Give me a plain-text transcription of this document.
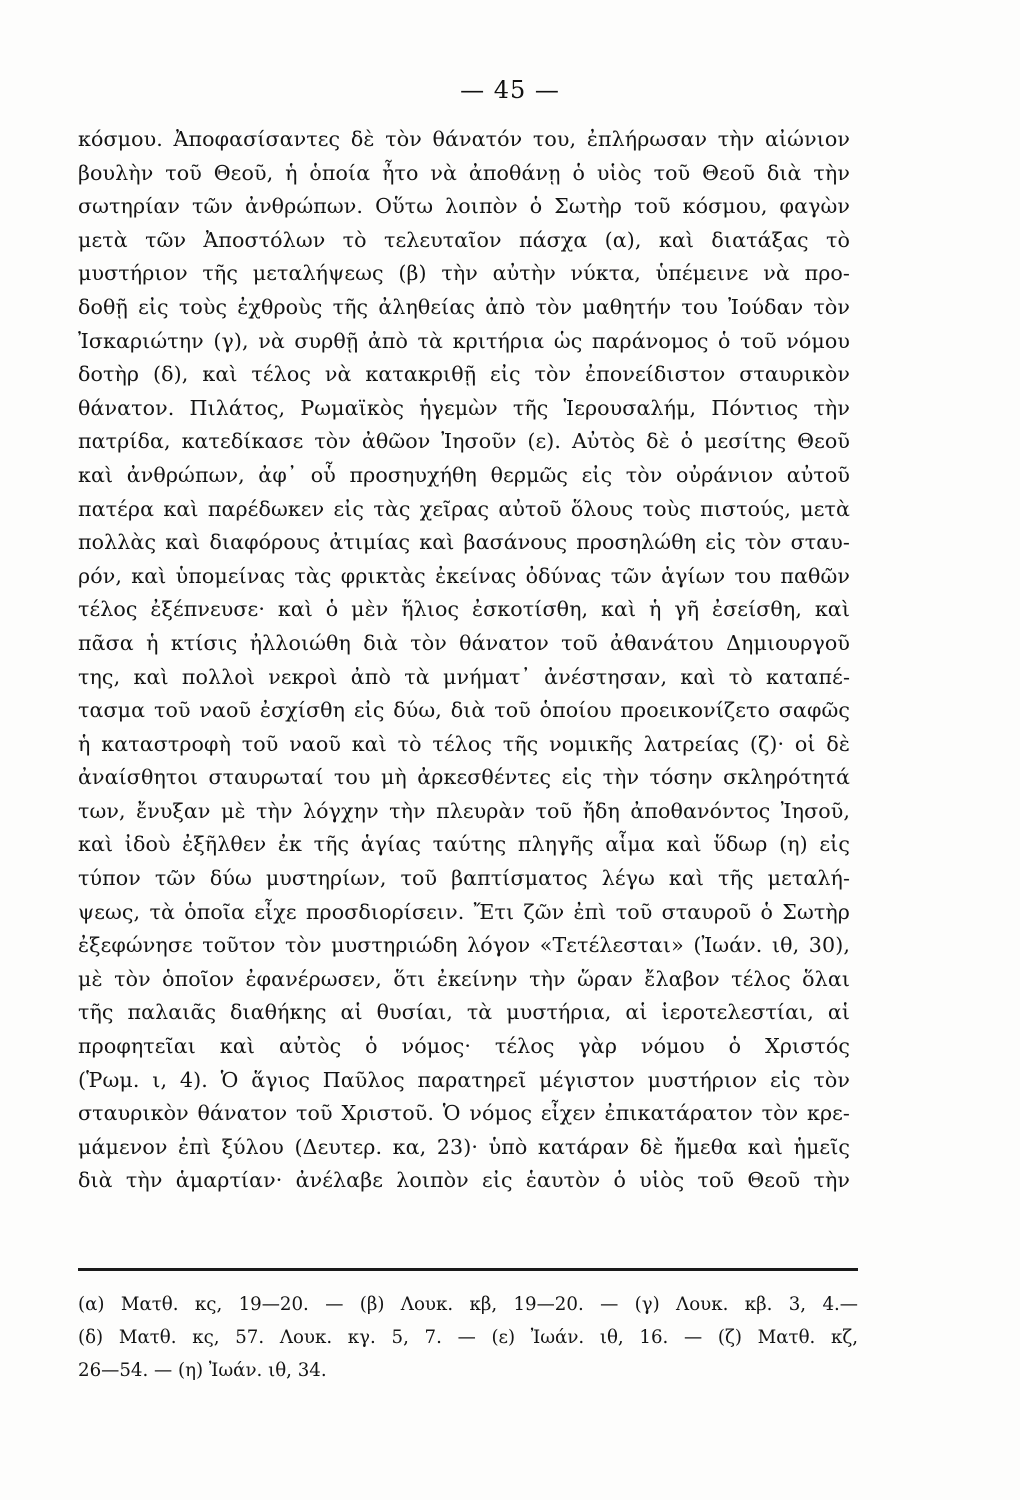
— 45 —
κόσμου. Ἀποφασίσαντες δὲ τὸν θάνατόν του, ἐπλήρωσαν τὴν αἰώνιον
βουλὴν τοῦ Θεοῦ, ἡ ὁποία ἦτο νὰ ἀποθάνῃ ὁ υἱὸς τοῦ Θεοῦ διὰ τὴν
σωτηρίαν τῶν ἀνθρώπων. Οὕτω λοιπὸν ὁ Σωτὴρ τοῦ κόσμου, φαγὼν
μετὰ τῶν Ἀποστόλων τὸ τελευταῖον πάσχα (α), καὶ διατάξας τὸ
μυστήριον τῆς μεταλήψεως (β) τὴν αὐτὴν νύκτα, ὑπέμεινε νὰ προ-
δοθῇ εἰς τοὺς ἐχθροὺς τῆς ἀληθείας ἀπὸ τὸν μαθητήν του Ἰούδαν τὸν
Ἰσκαριώτην (γ), νὰ συρθῇ ἀπὸ τὰ κριτήρια ὡς παράνομος ὁ τοῦ νόμου
δοτὴρ (δ), καὶ τέλος νὰ κατακριθῇ εἰς τὸν ἐπονείδιστον σταυρικὸν
θάνατον. Πιλάτος, Ρωμαϊκὸς ἡγεμὼν τῆς Ἱερουσαλήμ, Πόντιος τὴν
πατρίδα, κατεδίκασε τὸν ἀθῶον Ἰησοῦν (ε). Αὐτὸς δὲ ὁ μεσίτης Θεοῦ
καὶ ἀνθρώπων, ἀφ᾽ οὗ προσηυχήθη θερμῶς εἰς τὸν οὐράνιον αὐτοῦ
πατέρα καὶ παρέδωκεν εἰς τὰς χεῖρας αὐτοῦ ὅλους τοὺς πιστούς, μετὰ
πολλὰς καὶ διαφόρους ἀτιμίας καὶ βασάνους προσηλώθη εἰς τὸν σταυ-
ρόν, καὶ ὑπομείνας τὰς φρικτὰς ἐκείνας ὀδύνας τῶν ἁγίων του παθῶν
τέλος ἐξέπνευσε· καὶ ὁ μὲν ἥλιος ἐσκοτίσθη, καὶ ἡ γῆ ἐσείσθη, καὶ
πᾶσα ἡ κτίσις ἠλλοιώθη διὰ τὸν θάνατον τοῦ ἀθανάτου Δημιουργοῦ
της, καὶ πολλοὶ νεκροὶ ἀπὸ τὰ μνήματ᾽ ἀνέστησαν, καὶ τὸ καταπέ-
τασμα τοῦ ναοῦ ἐσχίσθη εἰς δύω, διὰ τοῦ ὁποίου προεικονίζετο σαφῶς
ἡ καταστροφὴ τοῦ ναοῦ καὶ τὸ τέλος τῆς νομικῆς λατρείας (ζ)· οἱ δὲ
ἀναίσθητοι σταυρωταί του μὴ ἀρκεσθέντες εἰς τὴν τόσην σκληρότητά
των, ἔνυξαν μὲ τὴν λόγχην τὴν πλευρὰν τοῦ ἤδη ἀποθανόντος Ἰησοῦ,
καὶ ἰδοὺ ἐξῆλθεν ἐκ τῆς ἁγίας ταύτης πληγῆς αἷμα καὶ ὕδωρ (η) εἰς
τύπον τῶν δύω μυστηρίων, τοῦ βαπτίσματος λέγω καὶ τῆς μεταλή-
ψεως, τὰ ὁποῖα εἶχε προσδιορίσειν. Ἔτι ζῶν ἐπὶ τοῦ σταυροῦ ὁ Σωτὴρ
ἐξεφώνησε τοῦτον τὸν μυστηριώδη λόγον «Τετέλεσται» (Ἰωάν. ιθ, 30),
μὲ τὸν ὁποῖον ἐφανέρωσεν, ὅτι ἐκείνην τὴν ὥραν ἔλαβον τέλος ὅλαι
τῆς παλαιᾶς διαθήκης αἱ θυσίαι, τὰ μυστήρια, αἱ ἱεροτελεστίαι, αἱ
προφητεῖαι καὶ αὐτὸς ὁ νόμος· τέλος γὰρ νόμου ὁ Χριστός
(Ῥωμ. ι, 4). Ὁ ἅγιος Παῦλος παρατηρεῖ μέγιστον μυστήριον εἰς τὸν
σταυρικὸν θάνατον τοῦ Χριστοῦ. Ὁ νόμος εἶχεν ἐπικατάρατον τὸν κρε-
μάμενον ἐπὶ ξύλου (Δευτερ. κα, 23)· ὑπὸ κατάραν δὲ ἤμεθα καὶ ἡμεῖς
διὰ τὴν ἁμαρτίαν· ἀνέλαβε λοιπὸν εἰς ἑαυτὸν ὁ υἱὸς τοῦ Θεοῦ τὴν
(α) Ματθ. κς, 19—20. — (β) Λουκ. κβ, 19—20. — (γ) Λουκ. κβ. 3, 4.—
(δ) Ματθ. κς, 57. Λουκ. κγ. 5, 7. — (ε) Ἰωάν. ιθ, 16. — (ζ) Ματθ. κζ,
26—54. — (η) Ἰωάν. ιθ, 34.
